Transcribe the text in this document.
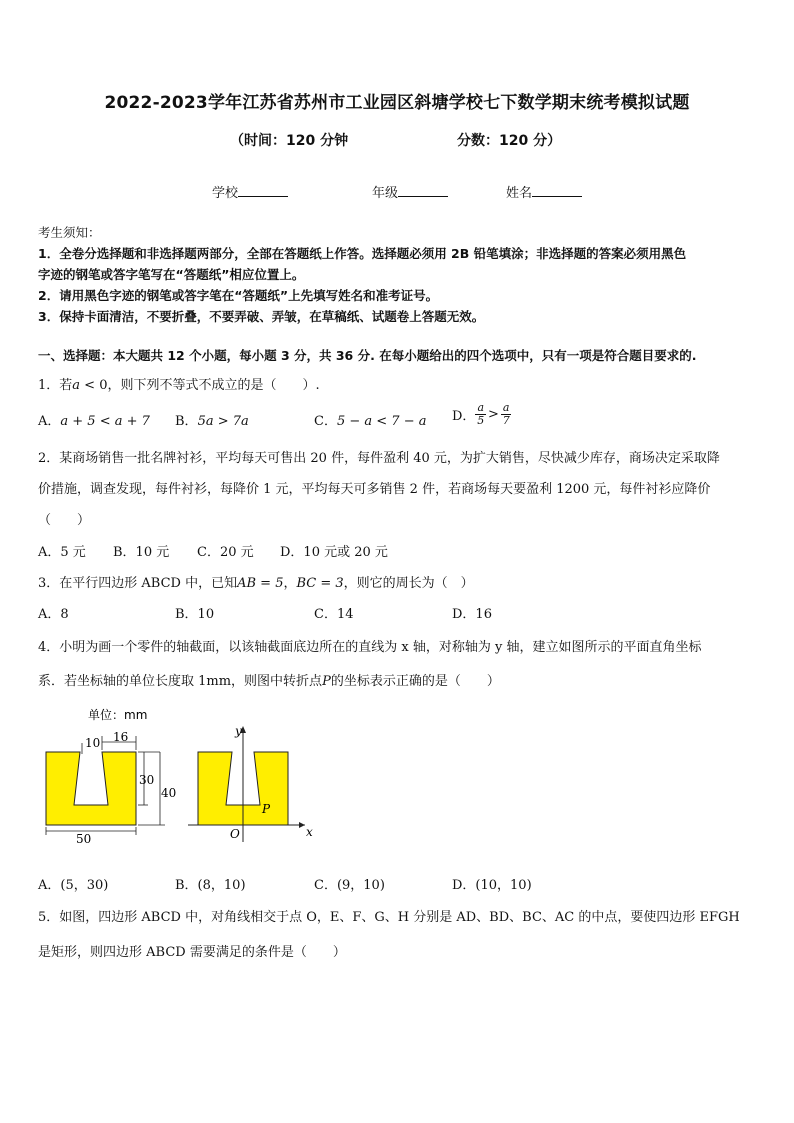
2022-2023学年江苏省苏州市工业园区斜塘学校七下数学期末统考模拟试题
（时间：120 分钟	分数：120 分）
学校	年级	姓名

考生须知：

1．全卷分选择题和非选择题两部分，全部在答题纸上作答。选择题必须用 2B 铅笔填涂；非选择题的答案必须用黑色

字迹的钢笔或答字笔写在“答题纸”相应位置上。

2．请用黑色字迹的钢笔或答字笔在“答题纸”上先填写姓名和准考证号。

3．保持卡面清洁，不要折叠，不要弄破、弄皱，在草稿纸、试题卷上答题无效。

一、选择题：本大题共 12 个小题，每小题 3 分，共 36 分. 在每小题给出的四个选项中，只有一项是符合题目要求的.
1．若a < 0，则下列不等式不成立的是（　　）.
A．a + 5 < a + 7 B．5a > 7a	C．5 − a < 7 − a D． $\frac{a}{5} > \frac{a}{7}$
2．某商场销售一批名牌衬衫，平均每天可售出 20 件，每件盈利 40 元，为扩大销售，尽快减少库存，商场决定采取降
价措施，调查发现，每件衬衫，每降价 1 元，平均每天可多销售 2 件，若商场每天要盈利 1200 元，每件衬衫应降价
（　　）
A．5 元 B．10 元 C．20 元 D．10 元或 20 元
3．在平行四边形 ABCD 中，已知AB = 5，BC = 3，则它的周长为（　）
A．8	B．10	C．14	D．16
4．小明为画一个零件的轴截面，以该轴截面底边所在的直线为 x 轴，对称轴为 y 轴，建立如图所示的平面直角坐标
系．若坐标轴的单位长度取 1mm，则图中转折点P的坐标表示正确的是（　　）
单位：mm
10 16
30
40
50	x
y
O
P
A．(5，30)	B．(8，10)	C．(9，10)	D．(10，10)
5．如图，四边形 ABCD 中，对角线相交于点 O，E、F、G、H 分别是 AD、BD、BC、AC 的中点，要使四边形 EFGH
是矩形，则四边形 ABCD 需要满足的条件是（　　）
